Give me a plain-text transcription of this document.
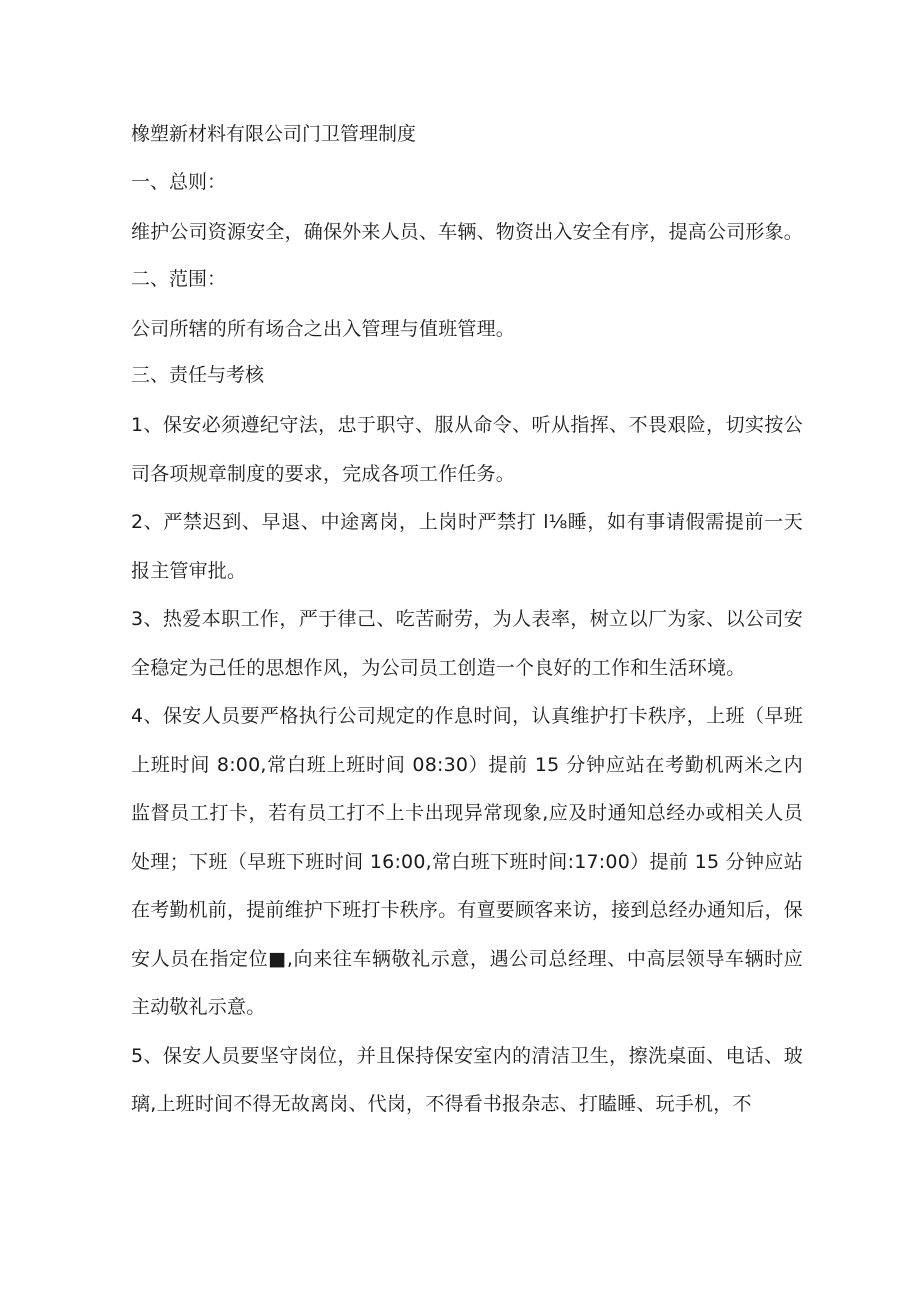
橡塑新材料有限公司门卫管理制度
一、总则：
维护公司资源安全，确保外来人员、车辆、物资出入安全有序，提高公司形象。
二、范围：
公司所辖的所有场合之出入管理与值班管理。
三、责任与考核
1、保安必须遵纪守法，忠于职守、服从命令、听从指挥、不畏艰险，切实按公司各项规章制度的要求，完成各项工作任务。
2、严禁迟到、早退、中途离岗，上岗时严禁打 l⅛睡，如有事请假需提前一天报主管审批。
3、热爱本职工作，严于律己、吃苦耐劳，为人表率，树立以厂为家、以公司安全稳定为己任的思想作风，为公司员工创造一个良好的工作和生活环境。
4、保安人员要严格执行公司规定的作息时间，认真维护打卡秩序，上班（早班上班时间 8:00,常白班上班时间 08:30）提前 15 分钟应站在考勤机两米之内监督员工打卡，若有员工打不上卡出现异常现象,应及时通知总经办或相关人员处理；下班（早班下班时间 16:00,常白班下班时间:17:00）提前 15 分钟应站在考勤机前，提前维护下班打卡秩序。有亶要顾客来访，接到总经办通知后，保安人员在指定位■,向来往车辆敬礼示意，遇公司总经理、中高层领导车辆时应主动敬礼示意。
5、保安人员要坚守岗位，并且保持保安室内的清洁卫生，擦洗桌面、电话、玻璃,上班时间不得无故离岗、代岗，不得看书报杂志、打瞌睡、玩手机，不
